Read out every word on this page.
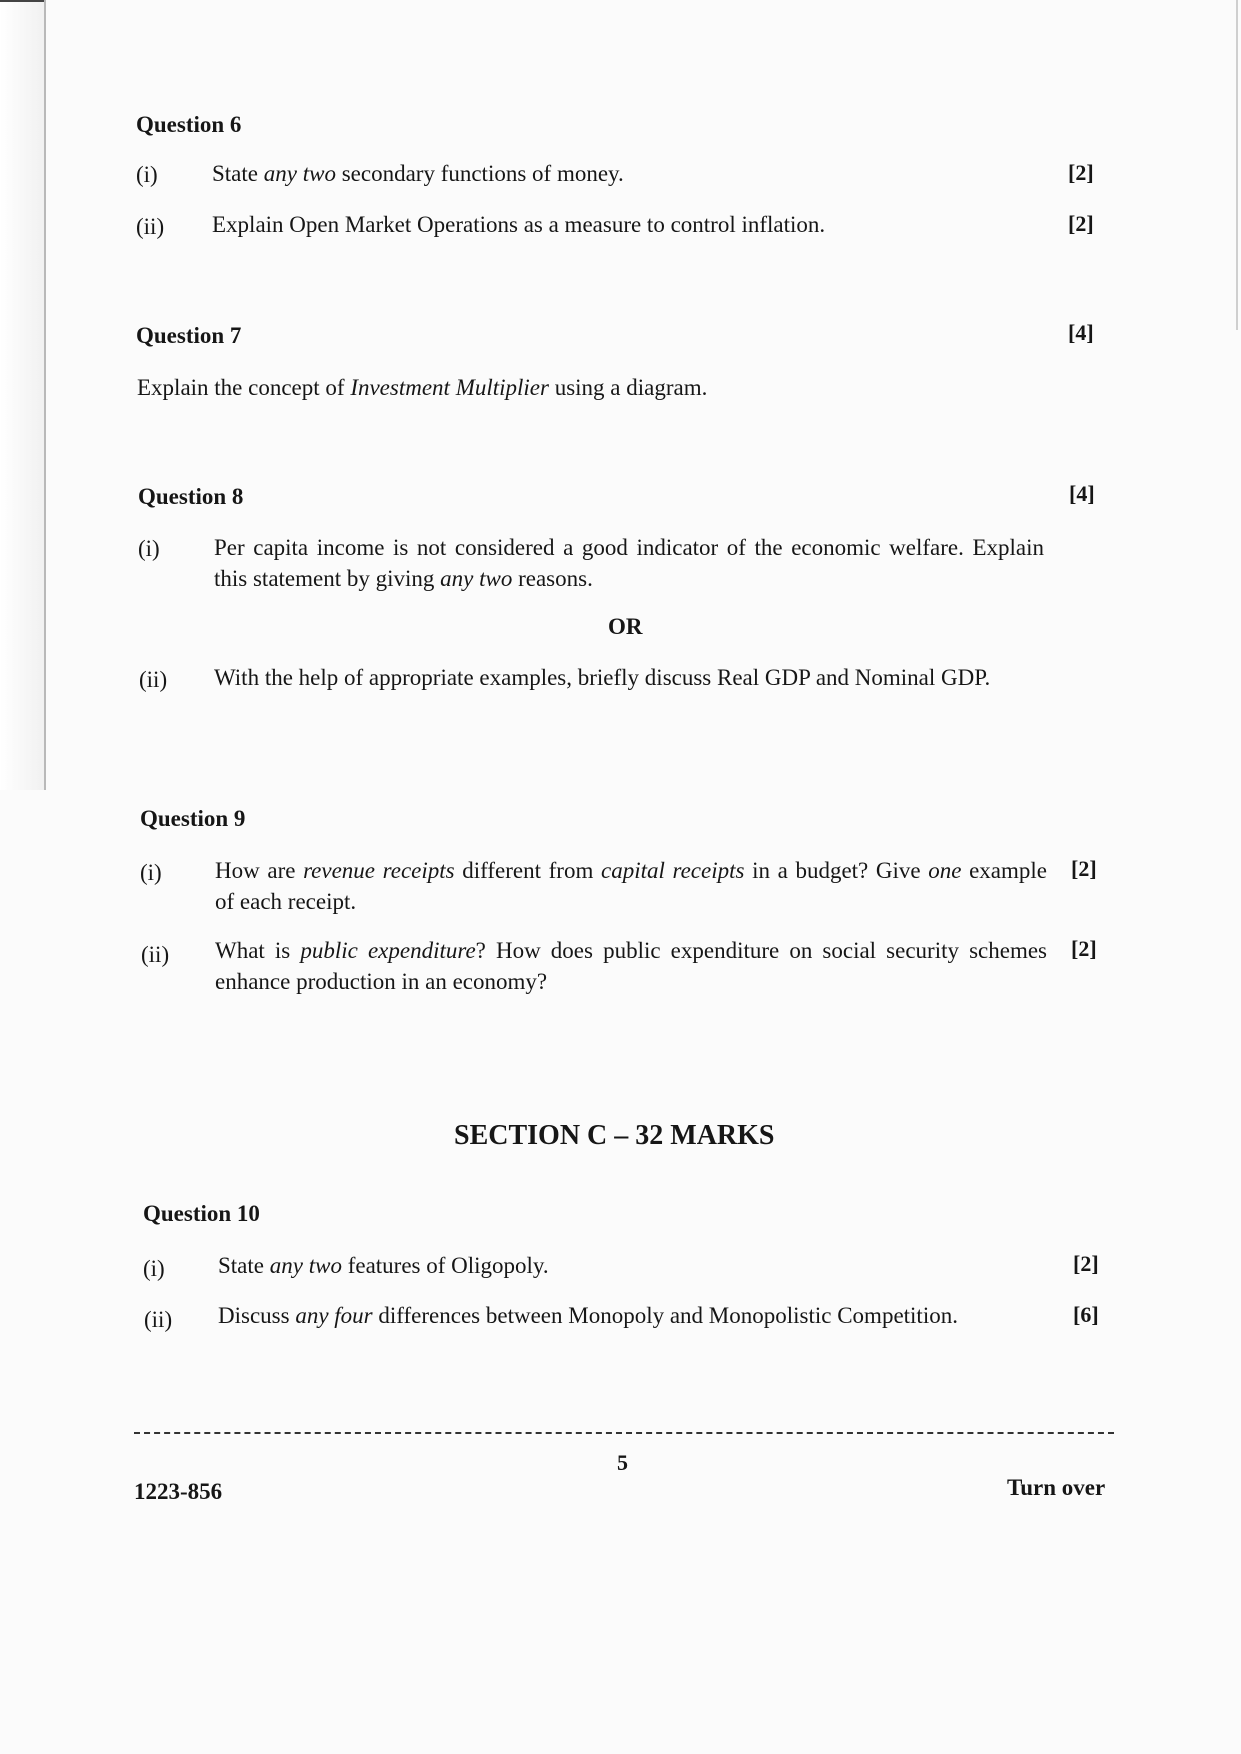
Question 6
(i) State any two secondary functions of money.	[2]
(ii) Explain Open Market Operations as a measure to control inflation.	[2]
Question 7	[4]
Explain the concept of Investment Multiplier using a diagram.
Question 8	[4]
(i) Per capita income is not considered a good indicator of the economic welfare. Explain this statement by giving any two reasons.
OR
(ii) With the help of appropriate examples, briefly discuss Real GDP and Nominal GDP.
Question 9
(i) How are revenue receipts different from capital receipts in a budget? Give one example of each receipt.
[2]
(ii) What is public expenditure? How does public expenditure on social security schemes enhance production in an economy?
[2]
SECTION C – 32 MARKS
Question 10
(i) State any two features of Oligopoly.	[2]
(ii) Discuss any four differences between Monopoly and Monopolistic Competition.	[6]
5
1223-856	Turn over
